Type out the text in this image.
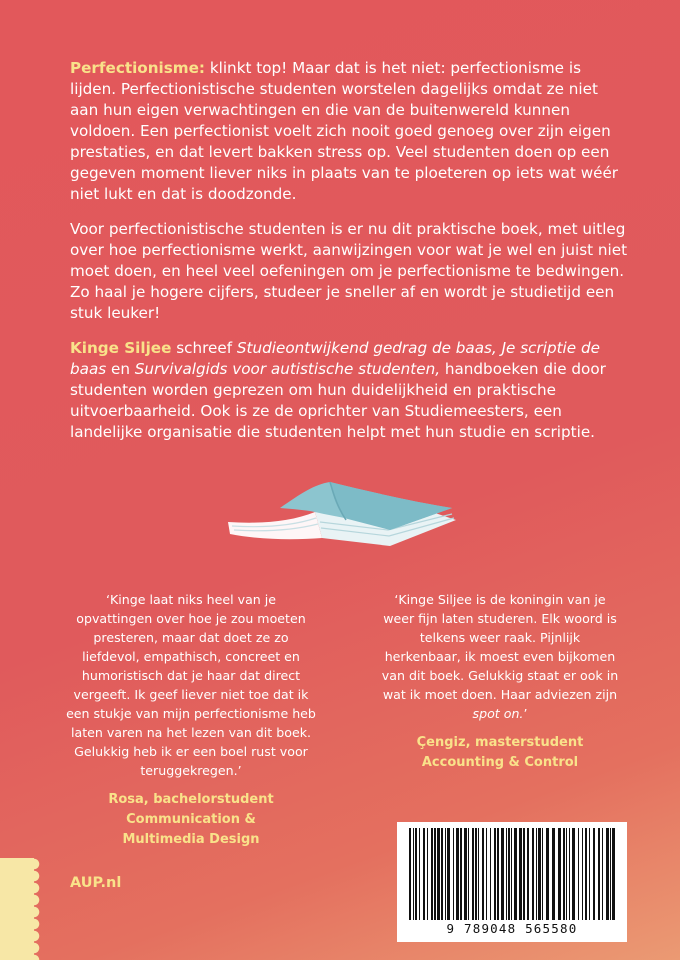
Perfectionisme: klinkt top! Maar dat is het niet: perfectionisme is lijden. Perfectionistische studenten worstelen dagelijks omdat ze niet aan hun eigen verwachtingen en die van de buitenwereld kunnen voldoen. Een perfectionist voelt zich nooit goed genoeg over zijn eigen prestaties, en dat levert bakken stress op. Veel studenten doen op een gegeven moment liever niks in plaats van te ploeteren op iets wat wéér niet lukt en dat is doodzonde.

Voor perfectionistische studenten is er nu dit praktische boek, met uitleg over hoe perfectionisme werkt, aanwijzingen voor wat je wel en juist niet moet doen, en heel veel oefeningen om je perfectionisme te bedwingen. Zo haal je hogere cijfers, studeer je sneller af en wordt je studietijd een stuk leuker!

Kinge Siljee schreef Studieontwijkend gedrag de baas, Je scriptie de baas en Survivalgids voor autistische studenten, handboeken die door studenten worden geprezen om hun duidelijkheid en praktische uitvoerbaarheid. Ook is ze de oprichter van Studiemeesters, een landelijke organisatie die studenten helpt met hun studie en scriptie.

‘Kinge laat niks heel van je opvattingen over hoe je zou moeten presteren, maar dat doet ze zo liefdevol, empathisch, concreet en humoristisch dat je haar dat direct vergeeft. Ik geef liever niet toe dat ik een stukje van mijn perfectionisme heb laten varen na het lezen van dit boek. Gelukkig heb ik er een boel rust voor teruggekregen.’

Rosa, bachelorstudent
Communication &
Multimedia Design

‘Kinge Siljee is de koningin van je weer fijn laten studeren. Elk woord is telkens weer raak. Pijnlijk herkenbaar, ik moest even bijkomen van dit boek. Gelukkig staat er ook in wat ik moet doen. Haar adviezen zijn spot on.’

Çengiz, masterstudent
Accounting & Control

AUP.nl
9 789048 565580
